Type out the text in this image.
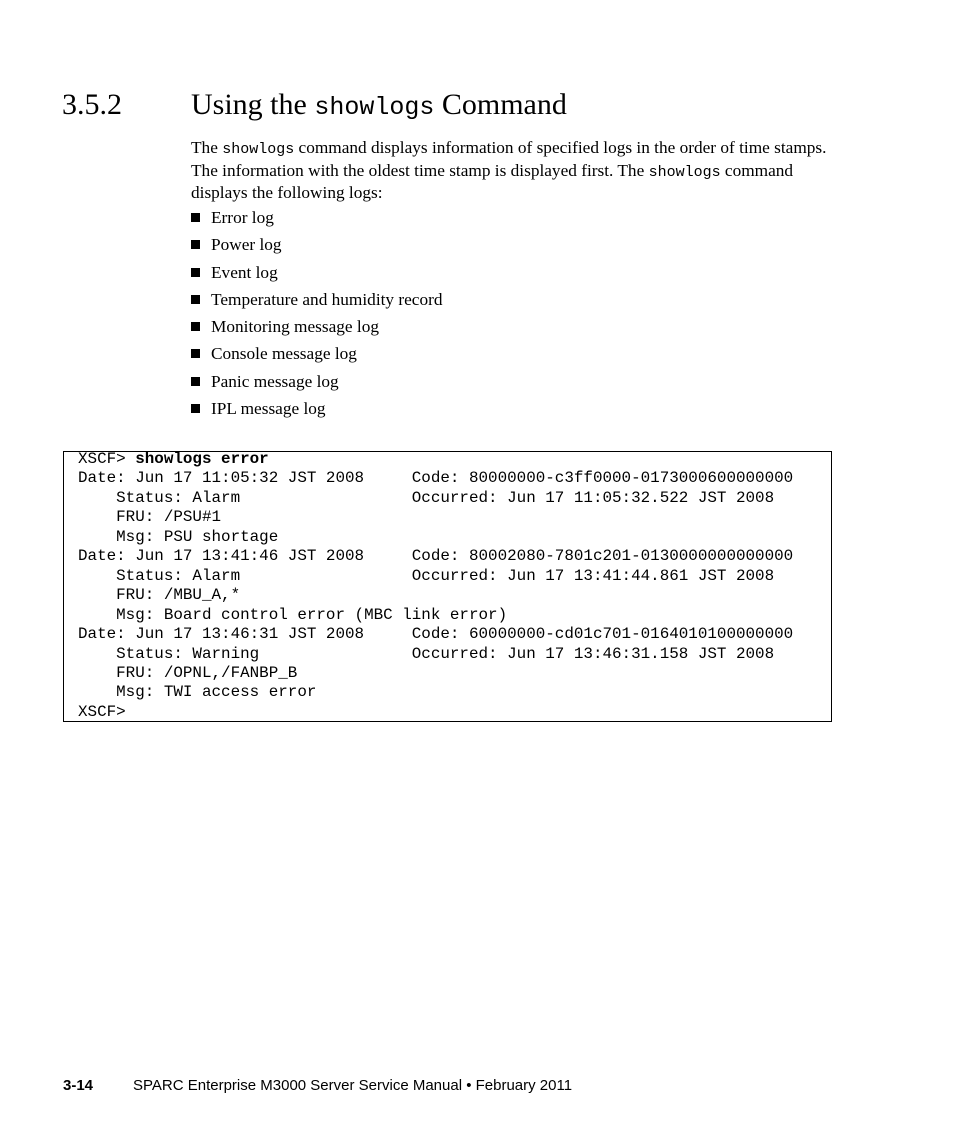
3.5.2 Using the showlogs Command

The showlogs command displays information of specified logs in the order of time stamps. The information with the oldest time stamp is displayed first. The showlogs command displays the following logs:

Error log
Power log
Event log
Temperature and humidity record
Monitoring message log
Console message log
Panic message log
IPL message log
XSCF> showlogs error
Date: Jun 17 11:05:32 JST 2008     Code: 80000000-c3ff0000-0173000600000000
Status: Alarm                  Occurred: Jun 17 11:05:32.522 JST 2008
FRU: /PSU#1
Msg: PSU shortage
Date: Jun 17 13:41:46 JST 2008     Code: 80002080-7801c201-0130000000000000
Status: Alarm                  Occurred: Jun 17 13:41:44.861 JST 2008
FRU: /MBU_A,*
Msg: Board control error (MBC link error)
Date: Jun 17 13:46:31 JST 2008     Code: 60000000-cd01c701-0164010100000000
Status: Warning                Occurred: Jun 17 13:46:31.158 JST 2008
FRU: /OPNL,/FANBP_B
Msg: TWI access error
XSCF>
3-14	SPARC Enterprise M3000 Server Service Manual • February 2011
